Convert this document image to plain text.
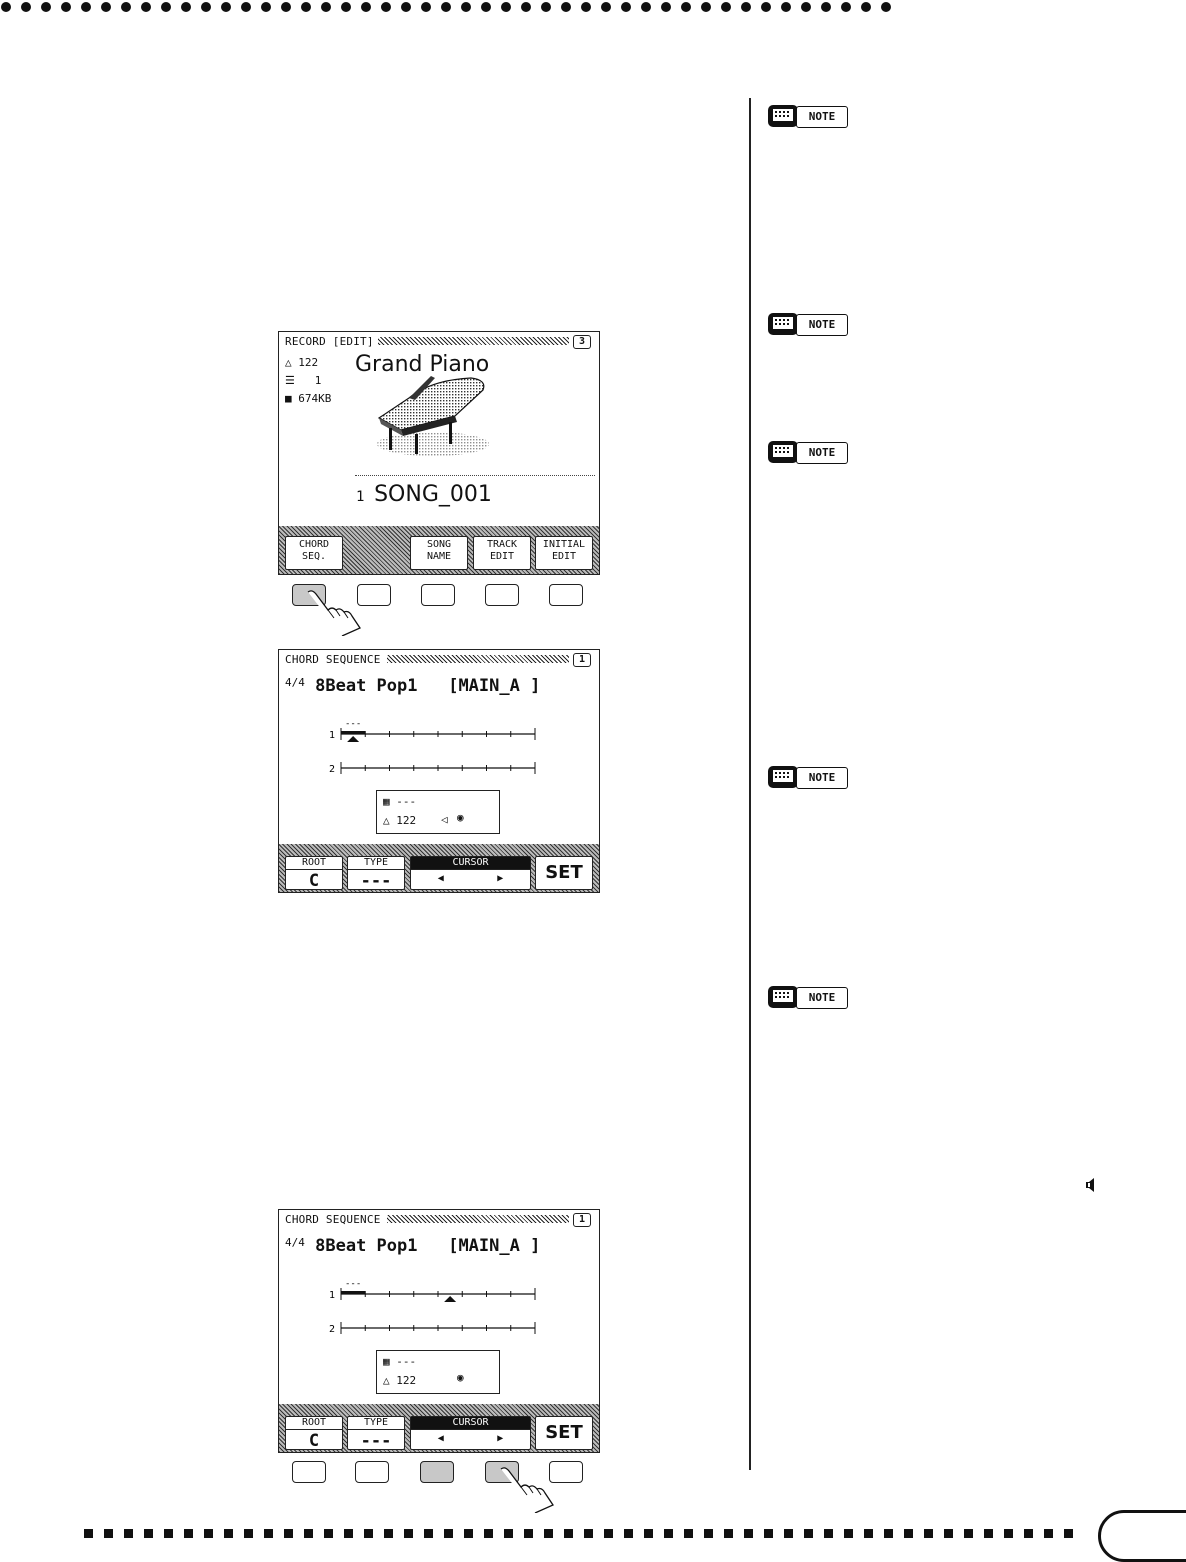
NOTE
NOTE
NOTE
NOTE
NOTE
RECORD [EDIT]	3
△ 122
☰ 1
■ 674KB
Grand Piano
1 SONG_001
CHORD
SEQ.
SONG
NAME
TRACK
EDIT
INITIAL
EDIT
CHORD SEQUENCE	1
$^{4/4}$ 8Beat Pop1 [MAIN_A ]
1
---
2
▦ ---
△ 122 ◁ ◉
ROOT
C
TYPE
---
CURSOR
◀	▶	SET
CHORD SEQUENCE	1
$^{4/4}$ 8Beat Pop1 [MAIN_A ]
1
---
2
▦ ---
△ 122	◉
ROOT
C
TYPE
---
CURSOR
◀	▶	SET
